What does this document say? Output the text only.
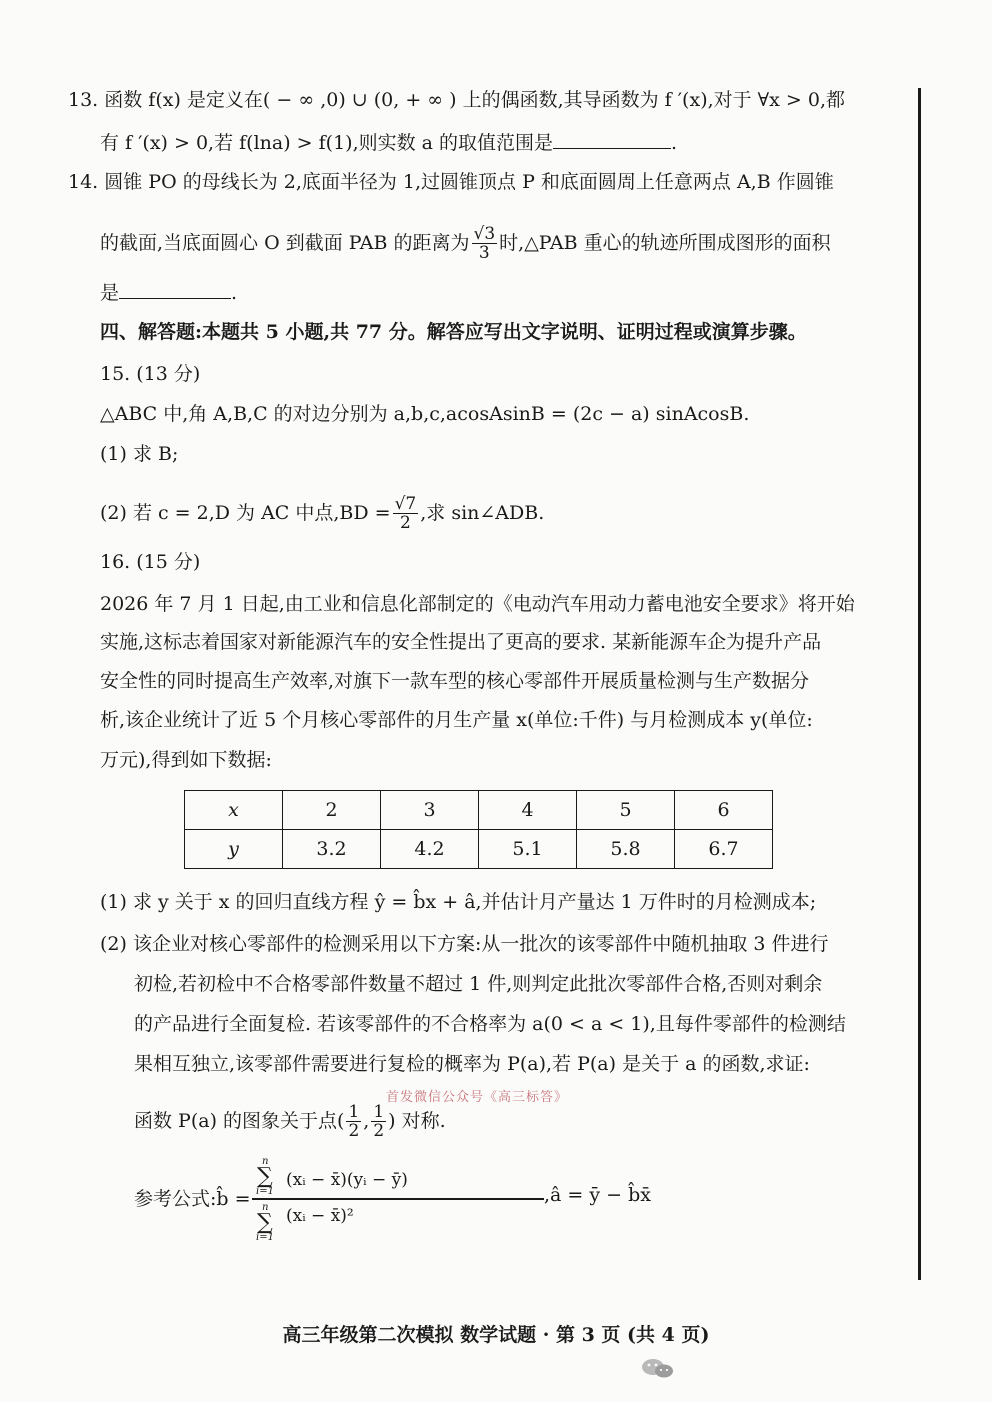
13. 函数 f(x) 是定义在( − ∞ ,0) ∪ (0, + ∞ ) 上的偶函数,其导函数为 f ′(x),对于 ∀x > 0,都
有 f ′(x) > 0,若 f(lna) > f(1),则实数 a 的取值范围是	.
14. 圆锥 PO 的母线长为 2,底面半径为 1,过圆锥顶点 P 和底面圆周上任意两点 A,B 作圆锥
的截面,当底面圆心 O 到截面 PAB 的距离为 $\frac{√3}{3}$ 时,△PAB 重心的轨迹所围成图形的面积
是	.
四、解答题:本题共 5 小题,共 77 分。解答应写出文字说明、证明过程或演算步骤。
15. (13 分)
△ABC 中,角 A,B,C 的对边分别为 a,b,c,acosAsinB = (2c − a) sinAcosB.
(1) 求 B;
(2) 若 c = 2,D 为 AC 中点$,BD = \frac{√7}{2}$ ,求 sin∠ADB.
16. (15 分)
2026 年 7 月 1 日起,由工业和信息化部制定的《电动汽车用动力蓄电池安全要求》将开始
实施,这标志着国家对新能源汽车的安全性提出了更高的要求. 某新能源车企为提升产品
安全性的同时提高生产效率,对旗下一款车型的核心零部件开展质量检测与生产数据分
析,该企业统计了近 5 个月核心零部件的月生产量 x(单位:千件) 与月检测成本 y(单位:
万元),得到如下数据:
x	2	3	4	5	6
y	3.2	4.2	5.1	5.8	6.7
(1) 求 y 关于 x 的回归直线方程 ŷ = b̂x + â,并估计月产量达 1 万件时的月检测成本;
(2) 该企业对核心零部件的检测采用以下方案:从一批次的该零部件中随机抽取 3 件进行
初检,若初检中不合格零部件数量不超过 1 件,则判定此批次零部件合格,否则对剩余
的产品进行全面复检. 若该零部件的不合格率为 a(0 < a < 1),且每件零部件的检测结
果相互独立,该零部件需要进行复检的概率为 P(a),若 P(a) 是关于 a 的函数,求证:
首发微信公众号《高三标答》
函数 P(a) 的图象关于点( $\frac{1}{2}$ , $\frac{1}{2}$ ) 对称.
参考公式:b̂ =
n
∑
i=1
(xᵢ − x̄)(yᵢ − ȳ)
n
∑
i=1
(xᵢ − x̄)²
,â = ȳ − b̂x̄
高三年级第二次模拟 数学试题 · 第 3 页 (共 4 页)
